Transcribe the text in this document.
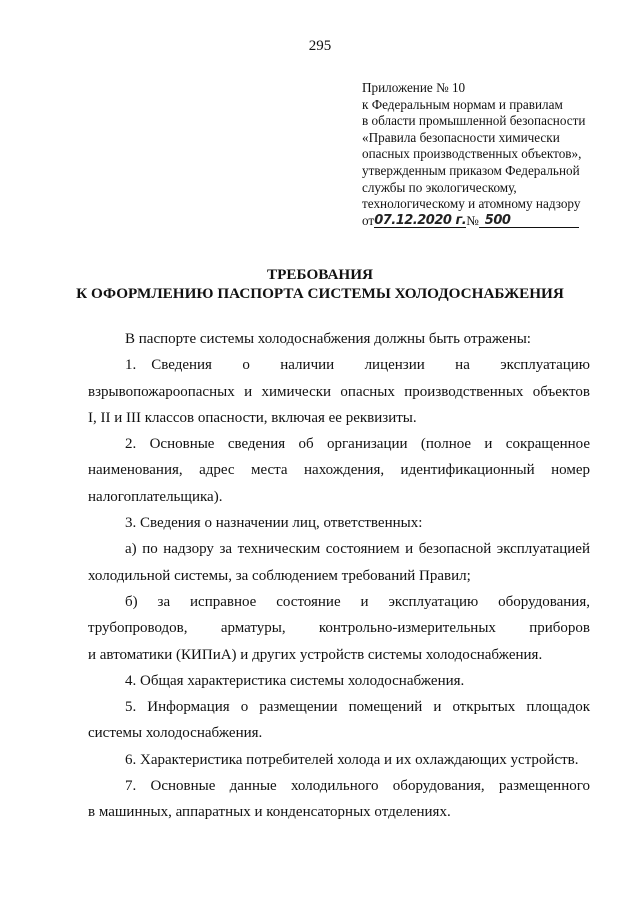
295
Приложение № 10
к Федеральным нормам и правилам
в области промышленной безопасности
«Правила безопасности химически
опасных производственных объектов»,
утвержденным приказом Федеральной
службы по экологическому,
технологическому и атомному надзору
от07.12.2020 г.№ 500
ТРЕБОВАНИЯ
К ОФОРМЛЕНИЮ ПАСПОРТА СИСТЕМЫ ХОЛОДОСНАБЖЕНИЯ

В паспорте системы холодоснабжения должны быть отражены:

1. Сведения о наличии лицензии на эксплуатацию

взрывопожароопасных и химически опасных производственных объектов

I, II и III классов опасности, включая ее реквизиты.

2. Основные сведения об организации (полное и сокращенное

наименования, адрес места нахождения, идентификационный номер

налогоплательщика).

3. Сведения о назначении лиц, ответственных:

а) по надзору за техническим состоянием и безопасной эксплуатацией

холодильной системы, за соблюдением требований Правил;

б) за исправное состояние и эксплуатацию оборудования,

трубопроводов, арматуры, контрольно-измерительных приборов

и автоматики (КИПиА) и других устройств системы холодоснабжения.

4. Общая характеристика системы холодоснабжения.

5. Информация о размещении помещений и открытых площадок

системы холодоснабжения.

6. Характеристика потребителей холода и их охлаждающих устройств.

7. Основные данные холодильного оборудования, размещенного

в машинных, аппаратных и конденсаторных отделениях.
